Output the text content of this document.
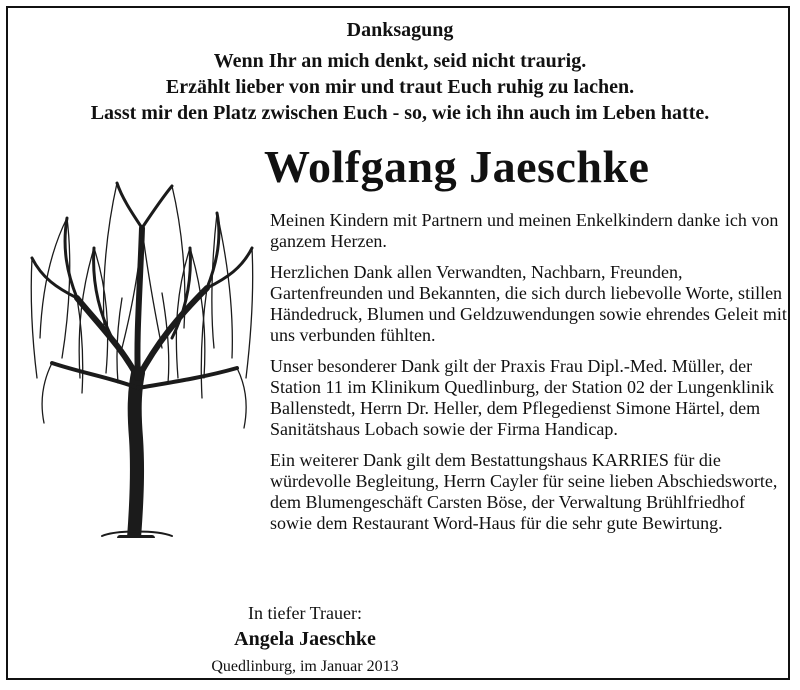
Danksagung

Wenn Ihr an mich denkt, seid nicht traurig.

Erzählt lieber von mir und traut Euch ruhig zu lachen.

Lasst mir den Platz zwischen Euch - so, wie ich ihn auch im Leben hatte.

Wolfgang Jaeschke

Meinen Kindern mit Partnern und meinen Enkelkindern danke ich von ganzem Herzen.

Herzlichen Dank allen Verwandten, Nachbarn, Freunden, Gartenfreunden und Bekannten, die sich durch liebevolle Worte, stillen Händedruck, Blumen und Geldzuwendungen sowie ehrendes Geleit mit uns verbunden fühlten.

Unser besonderer Dank gilt der Praxis Frau Dipl.-Med. Müller, der Station 11 im Klinikum Quedlinburg, der Station 02 der Lungenklinik Ballenstedt, Herrn Dr. Heller, dem Pflegedienst Simone Härtel, dem Sanitätshaus Lobach sowie der Firma Handicap.

Ein weiterer Dank gilt dem Bestattungshaus KARRIES für die würdevolle Begleitung, Herrn Cayler für seine lieben Abschiedsworte, dem Blumengeschäft Carsten Böse, der Verwaltung Brühlfriedhof sowie dem Restaurant Word-Haus für die sehr gute Bewirtung.

In tiefer Trauer:
Angela Jaeschke
Quedlinburg, im Januar 2013
